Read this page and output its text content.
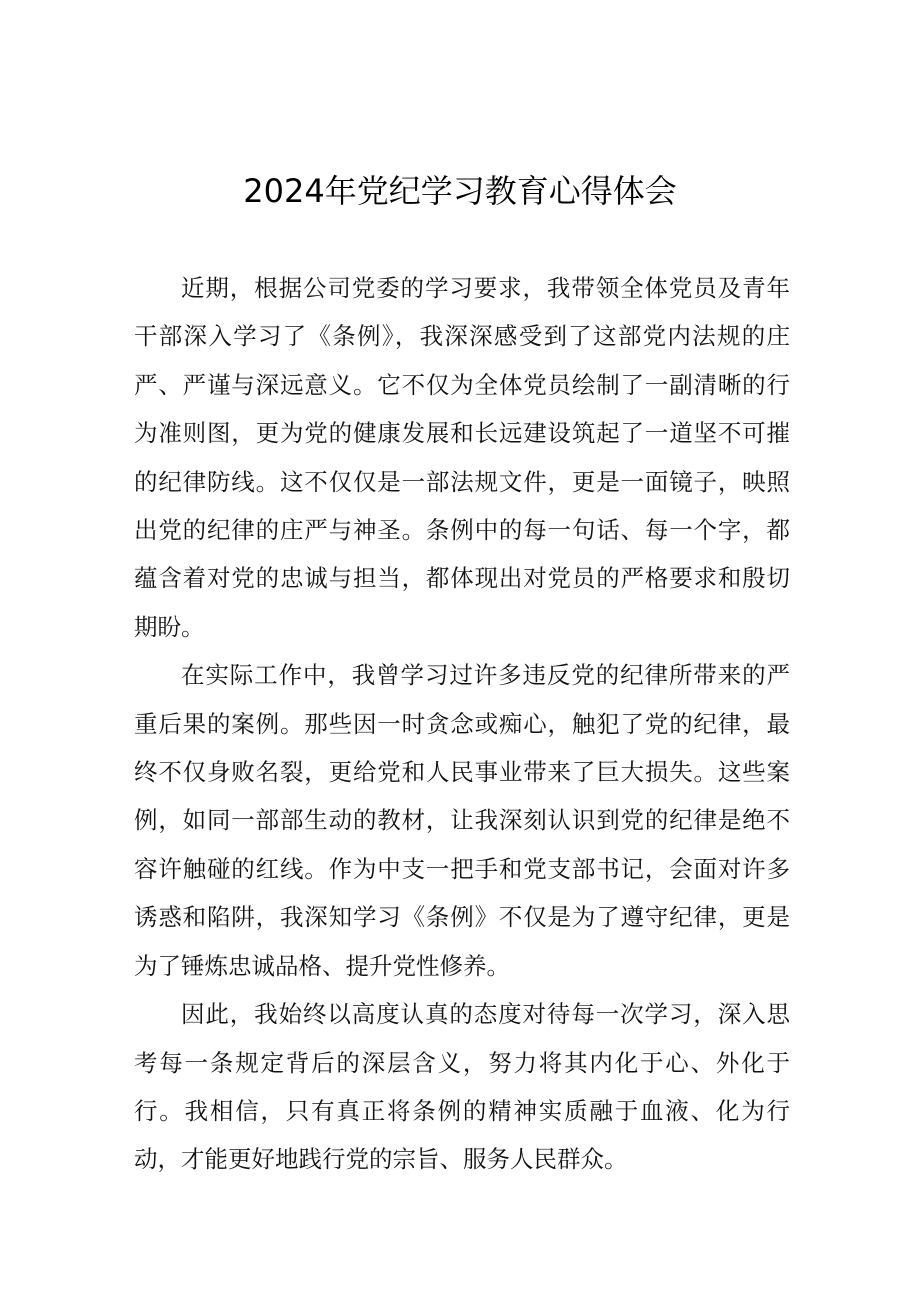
2024年党纪学习教育心得体会

近期，根据公司党委的学习要求，我带领全体党员及青年干部深入学习了《条例》，我深深感受到了这部党内法规的庄严、严谨与深远意义。它不仅为全体党员绘制了一副清晰的行为准则图，更为党的健康发展和长远建设筑起了一道坚不可摧的纪律防线。这不仅仅是一部法规文件，更是一面镜子，映照出党的纪律的庄严与神圣。条例中的每一句话、每一个字，都蕴含着对党的忠诚与担当，都体现出对党员的严格要求和殷切期盼。

在实际工作中，我曾学习过许多违反党的纪律所带来的严重后果的案例。那些因一时贪念或痴心，触犯了党的纪律，最终不仅身败名裂，更给党和人民事业带来了巨大损失。这些案例，如同一部部生动的教材，让我深刻认识到党的纪律是绝不容许触碰的红线。作为中支一把手和党支部书记，会面对许多诱惑和陷阱，我深知学习《条例》不仅是为了遵守纪律，更是为了锤炼忠诚品格、提升党性修养。

因此，我始终以高度认真的态度对待每一次学习，深入思考每一条规定背后的深层含义，努力将其内化于心、外化于行。我相信，只有真正将条例的精神实质融于血液、化为行动，才能更好地践行党的宗旨、服务人民群众。
